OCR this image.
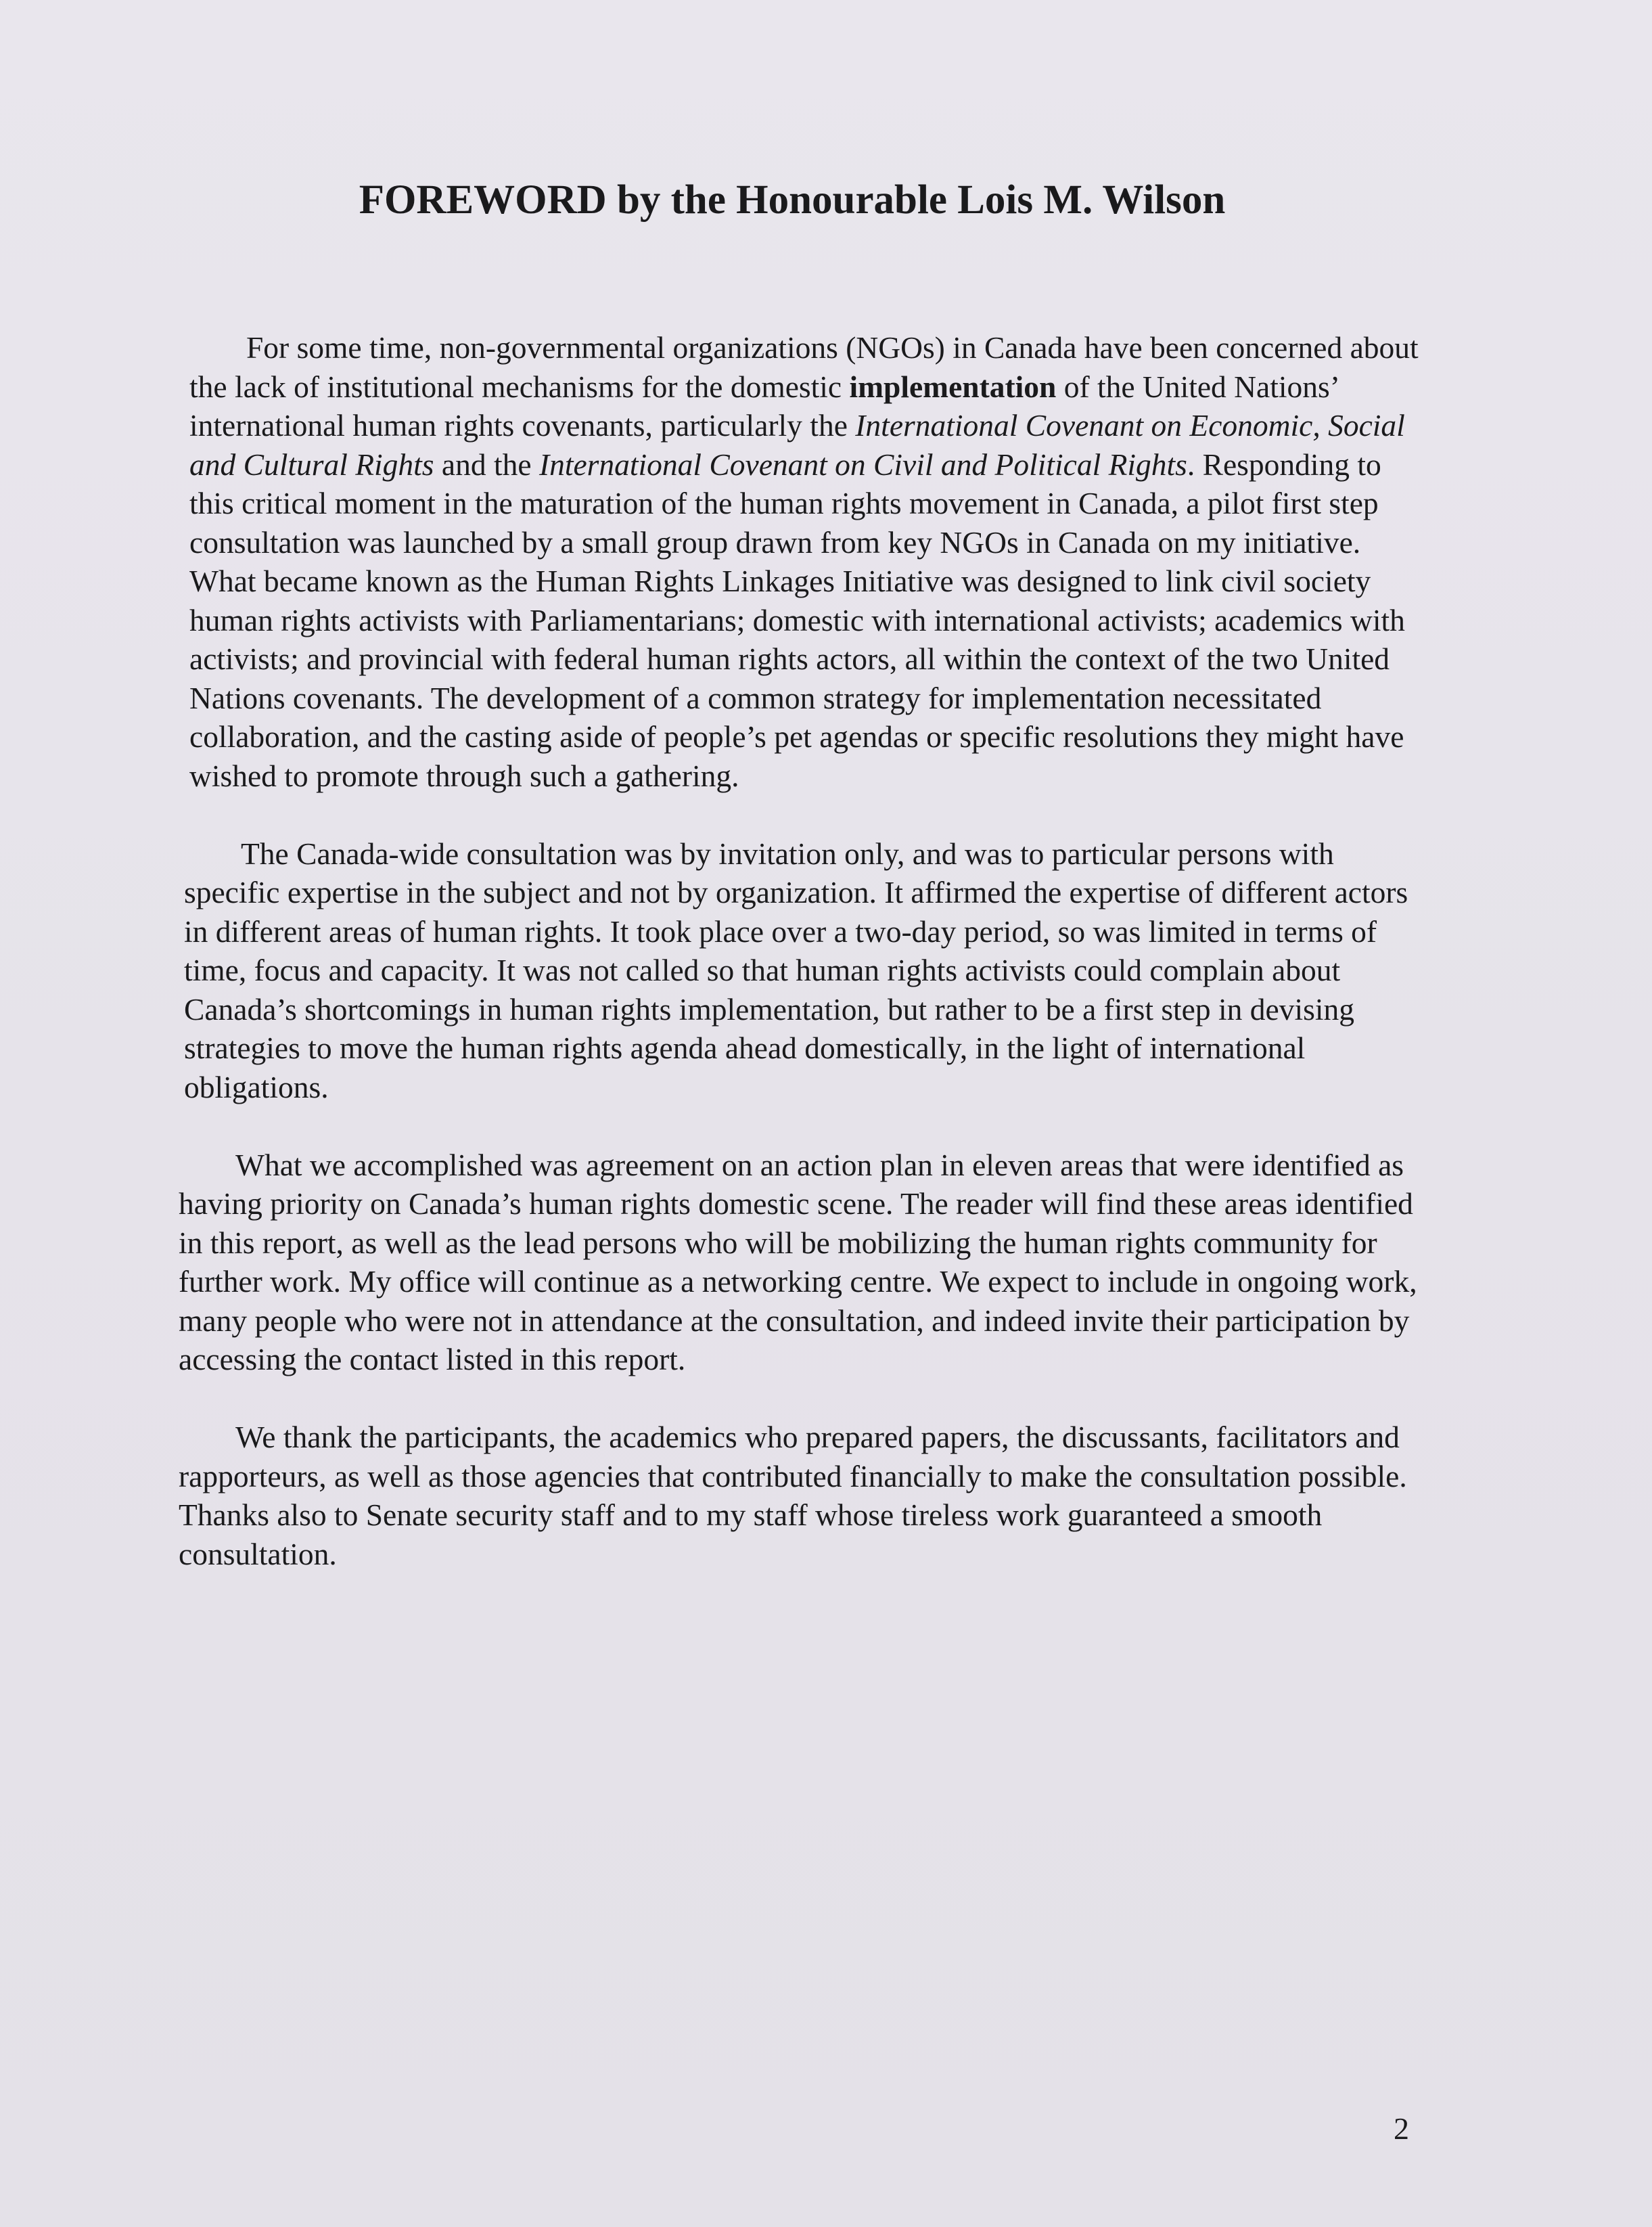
FOREWORD by the Honourable Lois M. Wilson

For some time, non-governmental organizations (NGOs) in Canada have been concerned about the lack of institutional mechanisms for the domestic implementation of the United Nations’ international human rights covenants, particularly the International Covenant on Economic, Social and Cultural Rights and the International Covenant on Civil and Political Rights. Responding to this critical moment in the maturation of the human rights movement in Canada, a pilot first step consultation was launched by a small group drawn from key NGOs in Canada on my initiative. What became known as the Human Rights Linkages Initiative was designed to link civil society human rights activists with Parliamentarians; domestic with international activists; academics with activists; and provincial with federal human rights actors, all within the context of the two United Nations covenants. The development of a common strategy for implementation necessitated collaboration, and the casting aside of people’s pet agendas or specific resolutions they might have wished to promote through such a gathering.

The Canada-wide consultation was by invitation only, and was to particular persons with specific expertise in the subject and not by organization. It affirmed the expertise of different actors in different areas of human rights. It took place over a two-day period, so was limited in terms of time, focus and capacity. It was not called so that human rights activists could complain about Canada’s shortcomings in human rights implementation, but rather to be a first step in devising strategies to move the human rights agenda ahead domestically, in the light of international obligations.

What we accomplished was agreement on an action plan in eleven areas that were identified as having priority on Canada’s human rights domestic scene. The reader will find these areas identified in this report, as well as the lead persons who will be mobilizing the human rights community for further work. My office will continue as a networking centre. We expect to include in ongoing work, many people who were not in attendance at the consultation, and indeed invite their participation by accessing the contact listed in this report.

We thank the participants, the academics who prepared papers, the discussants, facilitators and rapporteurs, as well as those agencies that contributed financially to make the consultation possible. Thanks also to Senate security staff and to my staff whose tireless work guaranteed a smooth consultation.

2
